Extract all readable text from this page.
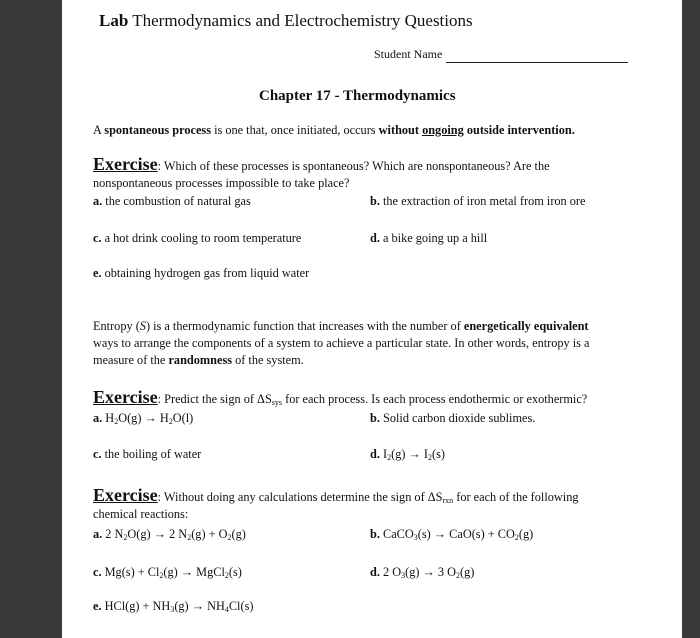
Lab Thermodynamics and Electrochemistry Questions
Student Name
Chapter 17 - Thermodynamics
A spontaneous process is one that, once initiated, occurs without ongoing outside intervention.
Exercise: Which of these processes is spontaneous? Which are nonspontaneous? Are the
nonspontaneous processes impossible to take place?
a. the combustion of natural gas	b. the extraction of iron metal from iron ore
c. a hot drink cooling to room temperature	d. a bike going up a hill
e. obtaining hydrogen gas from liquid water
Entropy (S) is a thermodynamic function that increases with the number of energetically equivalent
ways to arrange the components of a system to achieve a particular state. In other words, entropy is a
measure of the randomness of the system.
Exercise: Predict the sign of $\Delta S_{sys}$ for each process. Is each process endothermic or exothermic?
a. $H_2O(g) \to H_2O(l)$	b. Solid carbon dioxide sublimes.
c. the boiling of water	d. $I_2(g) \to I_2(s)$
Exercise: Without doing any calculations determine the sign of $\Delta S_{rxn}$ for each of the following
chemical reactions:
a. 2 $N_2O(g) \to 2$ $N_2(g) + O_2(g)$	b. CaCO$_3$(s) → $CaO(s) + CO_2(g)$
c. $Mg(s) + Cl_2(g)$ → MgCl$_2$(s)	d. 2 $O_3(g) \to 3$ $O_2(g)$
e. $HCl(g) + NH_3(g) \to NH_4Cl(s)$
